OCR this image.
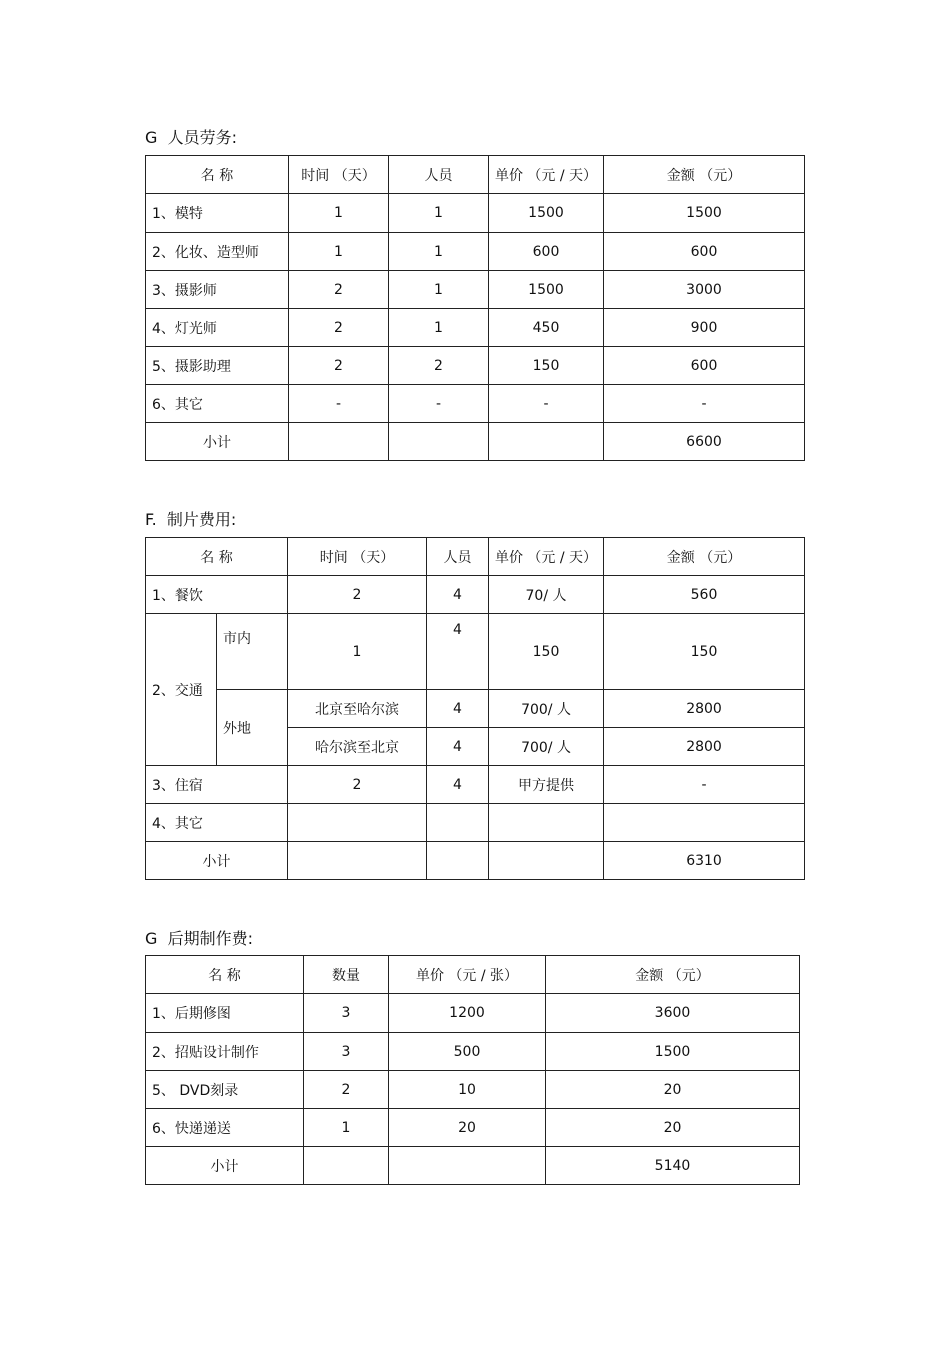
G  人员劳务:
名 称	时间 （天）	人员	单价 （元 / 天）	金额 （元）
1、模特	1	1	1500	1500
2、化妆、造型师	1	1	600	600
3、摄影师	2	1	1500	3000
4、灯光师	2	1	450	900
5、摄影助理	2	2	150	600
6、其它	-	-	-	-
小计				6600
F.  制片费用:
名 称		时间 （天）	人员	单价 （元 / 天）	金额 （元）
1、餐饮		2	4	70/ 人	560
2、交通	市内	1	4	150	150
	外地	北京至哈尔滨	4	700/ 人	2800
		哈尔滨至北京	4	700/ 人	2800
3、住宿		2	4	甲方提供	-
4、其它					
小计					6310
G  后期制作费:
名 称	数量	单价 （元 / 张）	金额 （元）
1、后期修图	3	1200	3600
2、招贴设计制作	3	500	1500
5、 DVD刻录	2	10	20
6、快递递送	1	20	20
小计			5140
